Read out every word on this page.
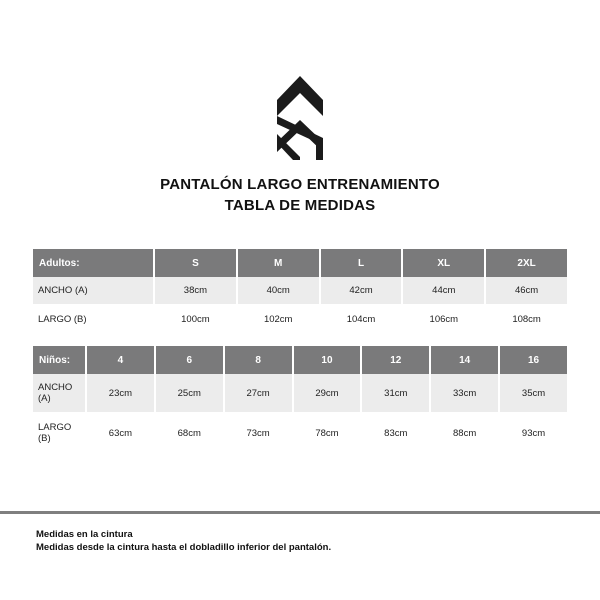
PANTALÓN LARGO ENTRENAMIENTO
TABLA DE MEDIDAS
Adultos:	S	M	L	XL	2XL
ANCHO (A)	38cm	40cm	42cm	44cm	46cm
LARGO (B)	100cm	102cm	104cm	106cm	108cm
Niños:	4	6	8	10	12	14	16
ANCHO (A)	23cm	25cm	27cm	29cm	31cm	33cm	35cm
LARGO (B)	63cm	68cm	73cm	78cm	83cm	88cm	93cm
Medidas en la cintura
Medidas desde la cintura hasta el dobladillo inferior del pantalón.
